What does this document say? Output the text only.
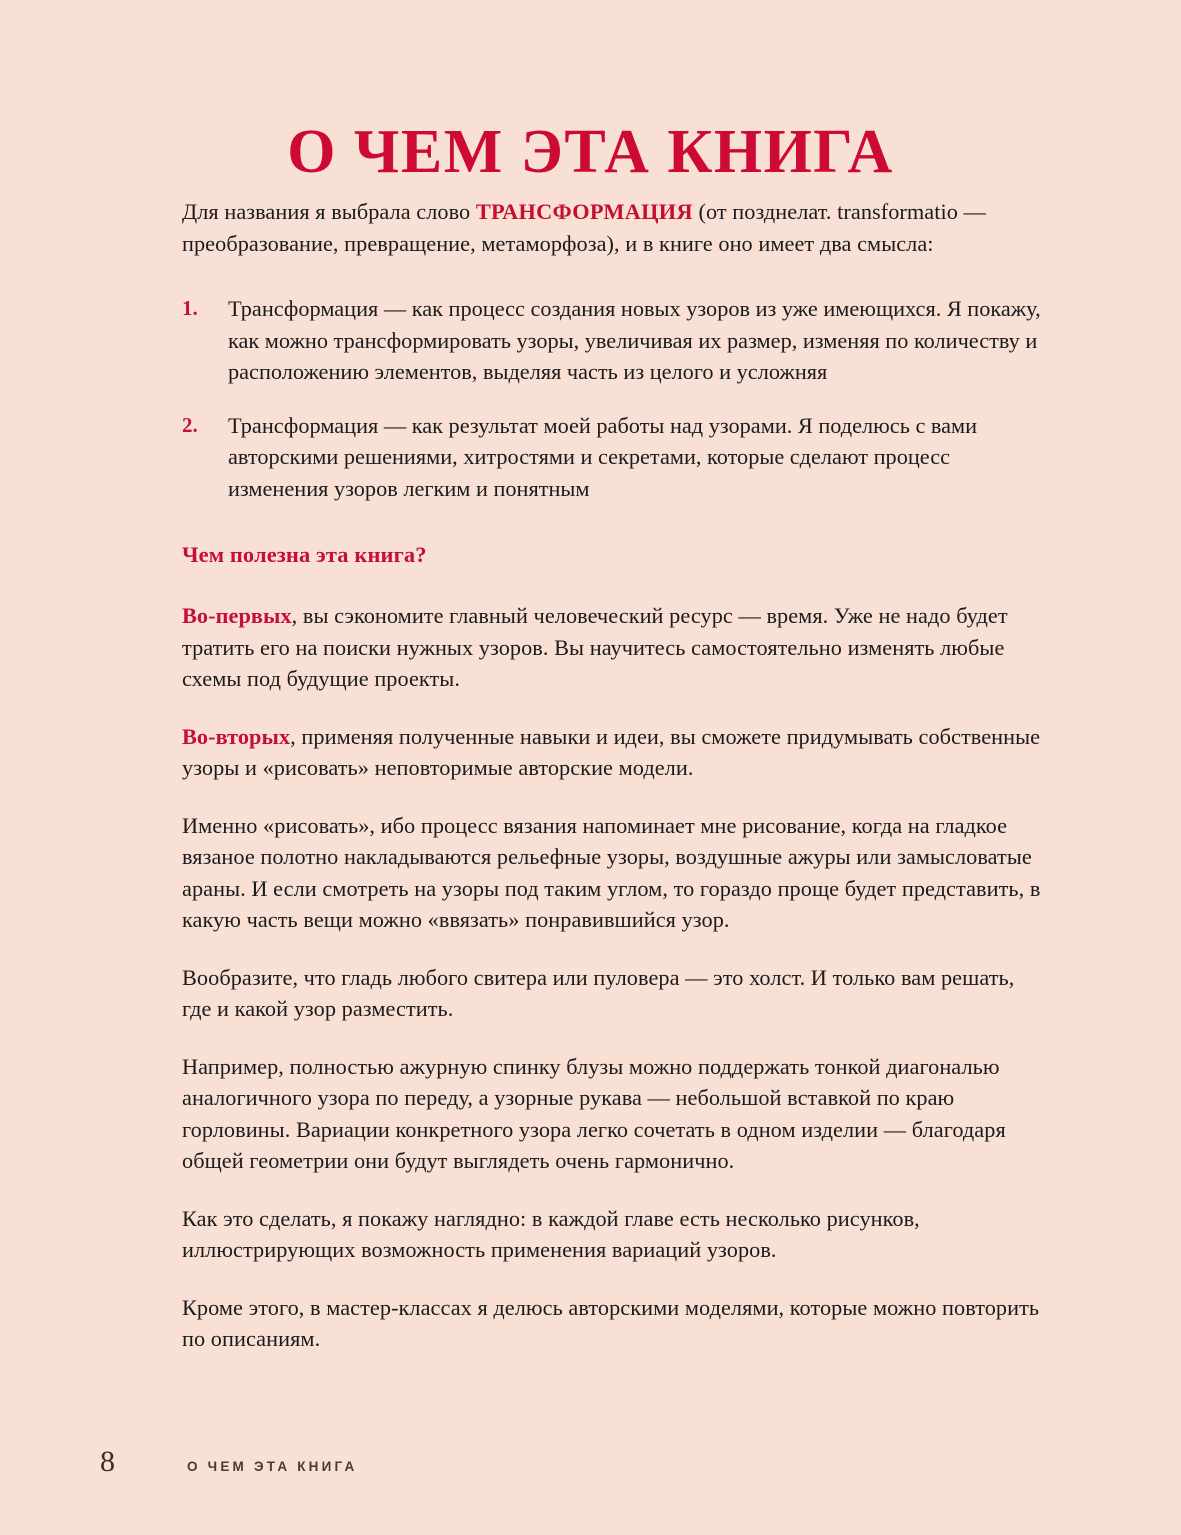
О ЧЕМ ЭТА КНИГА

Для названия я выбрала слово ТРАНСФОРМАЦИЯ (от позднелат. transformatio — преобразование, превращение, метаморфоза), и в книге оно имеет два смысла:

1. Трансформация — как процесс создания новых узоров из уже имеющихся. Я покажу, как можно трансформировать узоры, увеличивая их размер, изменяя по количеству и расположению элементов, выделяя часть из целого и усложняя
2. Трансформация — как результат моей работы над узорами. Я поделюсь с вами авторскими решениями, хитростями и секретами, которые сделают процесс изменения узоров легким и понятным
Чем полезна эта книга?

Во-первых, вы сэкономите главный человеческий ресурс — время. Уже не надо будет тратить его на поиски нужных узоров. Вы научитесь самостоятельно изменять любые схемы под будущие проекты.

Во-вторых, применяя полученные навыки и идеи, вы сможете придумывать собственные узоры и «рисовать» неповторимые авторские модели.

Именно «рисовать», ибо процесс вязания напоминает мне рисование, когда на гладкое вязаное полотно накладываются рельефные узоры, воздушные ажуры или замысловатые араны. И если смотреть на узоры под таким углом, то гораздо проще будет представить, в какую часть вещи можно «ввязать» понравившийся узор.

Вообразите, что гладь любого свитера или пуловера — это холст. И только вам решать, где и какой узор разместить.

Например, полностью ажурную спинку блузы можно поддержать тонкой диагональю аналогичного узора по переду, а узорные рукава — небольшой вставкой по краю горловины. Вариации конкретного узора легко сочетать в одном изделии — благодаря общей геометрии они будут выглядеть очень гармонично.

Как это сделать, я покажу наглядно: в каждой главе есть несколько рисунков, иллюстрирующих возможность применения вариаций узоров.

Кроме этого, в мастер-классах я делюсь авторскими моделями, которые можно повторить по описаниям.

8	О ЧЕМ ЭТА КНИГА
